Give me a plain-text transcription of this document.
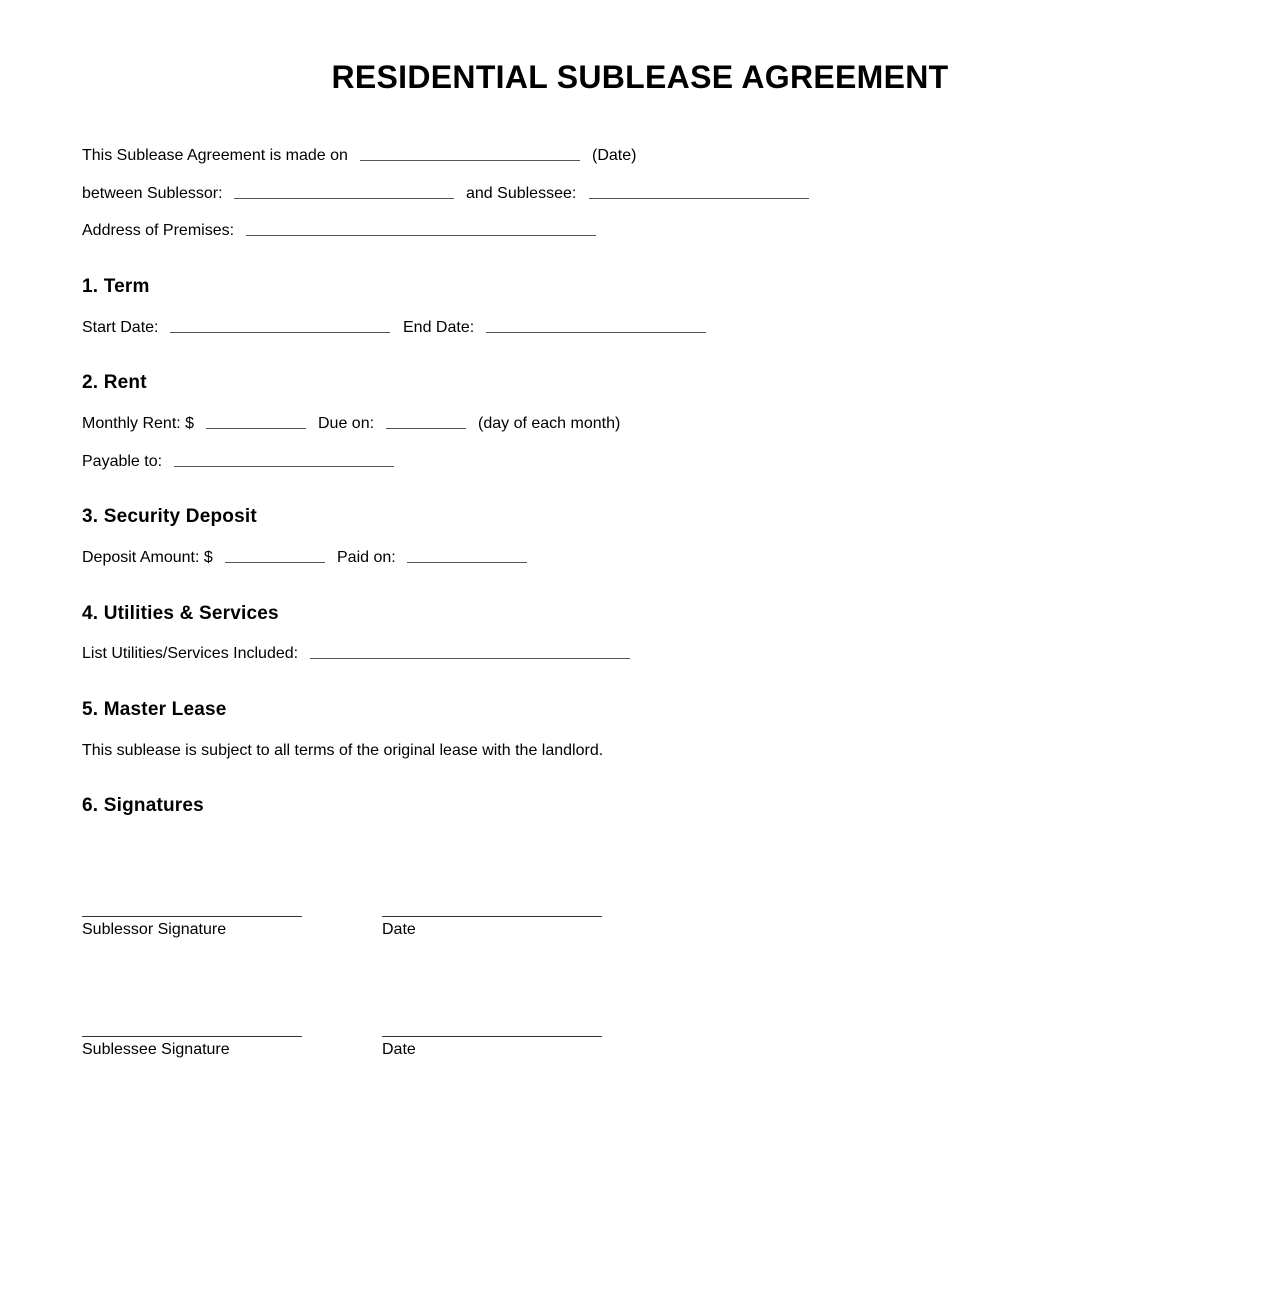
RESIDENTIAL SUBLEASE AGREEMENT
This Sublease Agreement is made on	(Date)
between Sublessor:	and Sublessee:
Address of Premises:
1. Term
Start Date:	End Date:
2. Rent
Monthly Rent: $	Due on:	(day of each month)
Payable to:
3. Security Deposit
Deposit Amount: $	Paid on:
4. Utilities & Services
List Utilities/Services Included:
5. Master Lease
This sublease is subject to all terms of the original lease with the landlord.
6. Signatures
Sublessor Signature	Date
Sublessee Signature	Date
